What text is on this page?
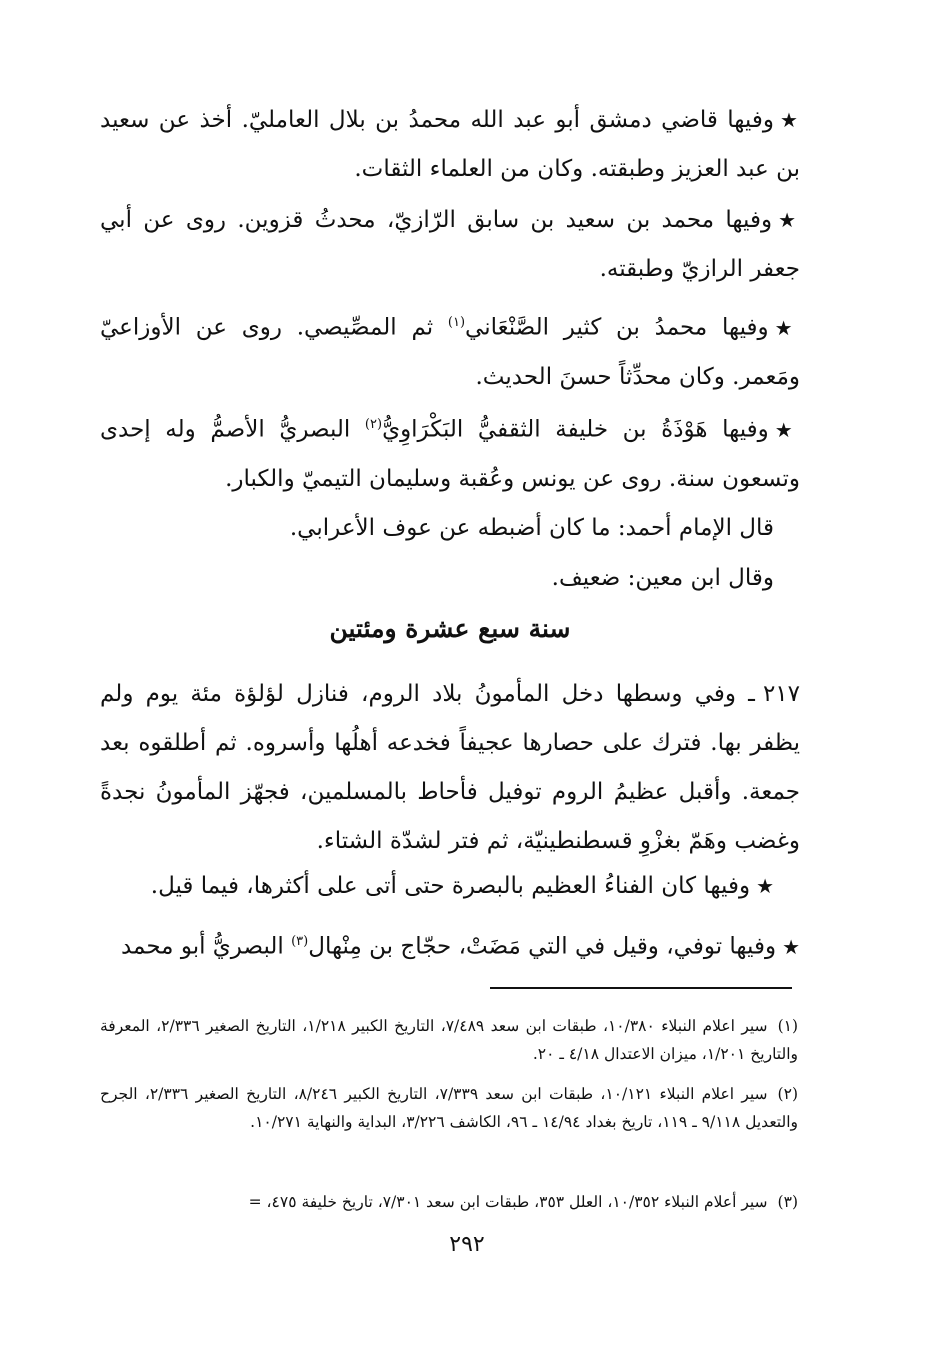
★وفيها قاضي دمشق أبو عبد الله محمدُ بن بلال العامليّ. أخذ عن سعيد بن عبد العزيز وطبقته. وكان من العلماء الثقات.

★وفيها محمد بن سعيد بن سابق الرّازيّ، محدثُ قزوين. روى عن أبي جعفر الرازيّ وطبقته.

★وفيها محمدُ بن كثير الصَّنْعَاني$^{(١)}$ ثم المصِّيصي. روى عن الأوزاعيّ ومَعمر. وكان محدِّثاً حسنَ الحديث.

★وفيها هَوْذَةُ بن خليفة الثقفيُّ البَكْرَاوِيُّ$^{(٢)}$ البصريُّ الأصمُّ وله إحدى وتسعون سنة. روى عن يونس وعُقبة وسليمان التيميّ والكبار.

قال الإمام أحمد: ما كان أضبطه عن عوف الأعرابي.

وقال ابن معين: ضعيف.

سنة سبع عشرة ومئتين

٢١٧ـ وفي وسطها دخل المأمونُ بلاد الروم، فنازل لؤلؤة مئة يوم ولم يظفر بها. فترك على حصارها عجيفاً فخدعه أهلُها وأسروه. ثم أطلقوه بعد جمعة. وأقبل عظيمُ الروم توفيل فأحاط بالمسلمين، فجهّز المأمونُ نجدةً وغضب وهَمّ بغزْوِ قسطنطينيّة، ثم فتر لشدّة الشتاء.

★وفيها كان الفناءُ العظيم بالبصرة حتى أتى على أكثرها، فيما قيل.

★وفيها توفي، وقيل في التي مَضَتْ، حجّاج بن مِنْهال$^{(٣)}$ البصريُّ أبو محمد

(١)سير اعلام النبلاء ١٠/٣٨٠، طبقات ابن سعد ٧/٤٨٩، التاريخ الكبير ١/٢١٨، التاريخ الصغير ٢/٣٣٦، المعرفة والتاريخ ١/٢٠١، ميزان الاعتدال ٤/١٨ ـ ٢٠.

(٢)سير اعلام النبلاء ١٠/١٢١، طبقات ابن سعد ٧/٣٣٩، التاريخ الكبير ٨/٢٤٦، التاريخ الصغير ٢/٣٣٦، الجرح والتعديل ٩/١١٨ ـ ١١٩، تاريخ بغداد ١٤/٩٤ ـ ٩٦، الكاشف ٣/٢٢٦، البداية والنهاية ١٠/٢٧١.

(٣)سير أعلام النبلاء ١٠/٣٥٢، العلل ٣٥٣، طبقات ابن سعد ٧/٣٠١، تاريخ خليفة ٤٧٥، =

٢٩٢
